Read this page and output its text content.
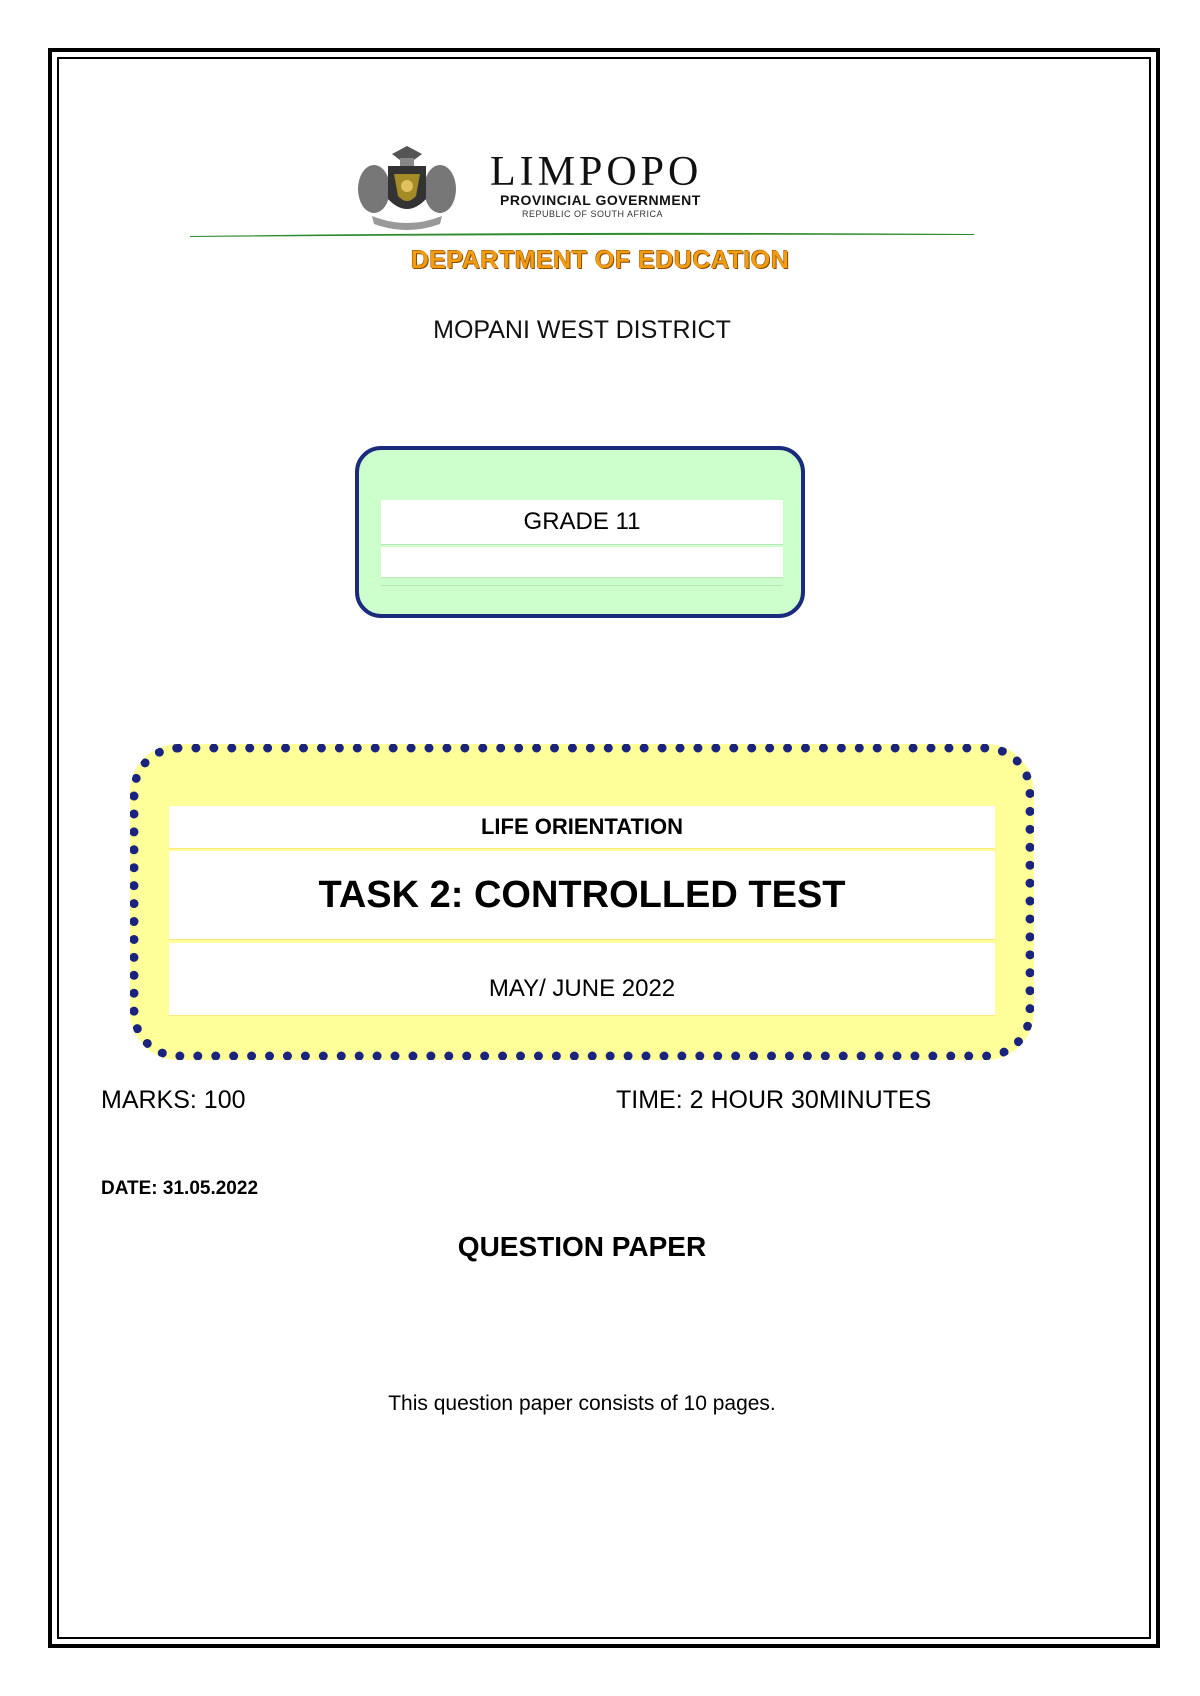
LIMPOPO
PROVINCIAL GOVERNMENT
REPUBLIC OF SOUTH AFRICA
DEPARTMENT OF EDUCATION
MOPANI WEST DISTRICT
GRADE 11
LIFE ORIENTATION
TASK 2: CONTROLLED TEST
MAY/ JUNE 2022
MARKS: 100	TIME: 2 HOUR 30MINUTES
DATE: 31.05.2022
QUESTION PAPER
This question paper consists of 10 pages.
